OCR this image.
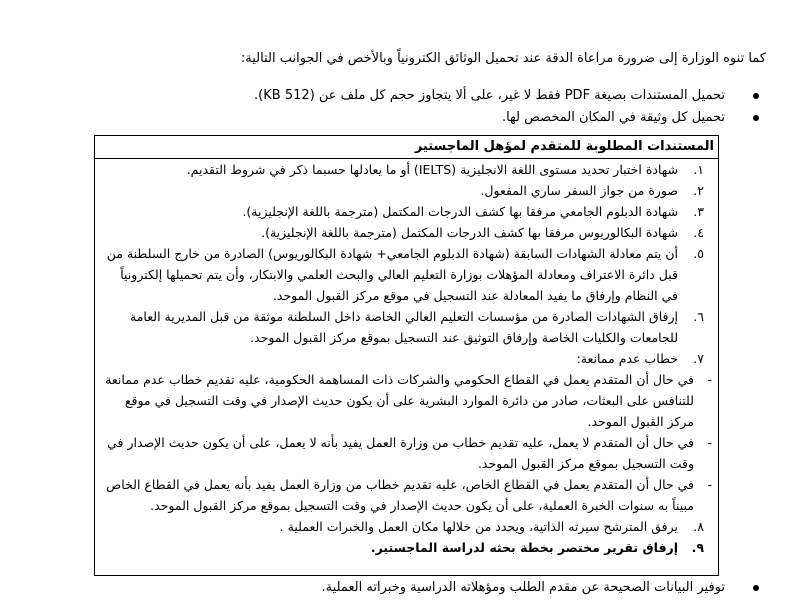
كما تنوه الوزارة إلى ضرورة مراعاة الدقة عند تحميل الوثائق الكترونياً وبالأخص في الجوانب التالية:
تحميل المستندات بصيغة PDF فقط لا غير، على ألا يتجاوز حجم كل ملف عن (512 KB).
تحميل كل وثيقة في المكان المخصص لها.
المستندات المطلوبة للمتقدم لمؤهل الماجستير
١.
شهادة اختبار تحديد مستوى اللغة الانجليزية (IELTS) أو ما يعادلها حسبما ذكر في شروط التقديم.
٢.
صورة من جواز السفر ساري المفعول.
٣.
شهادة الدبلوم الجامعي مرفقا بها كشف الدرجات المكتمل (مترجمة باللغة الإنجليزية).
٤.
شهادة البكالوريوس مرفقا بها كشف الدرجات المكتمل (مترجمة باللغة الإنجليزية).
٥.
أن يتم معادلة الشهادات السابقة (شهادة الدبلوم الجامعي+ شهادة البكالوريوس) الصادرة من خارج السلطنة من قبل دائرة الاعتراف ومعادلة المؤهلات بوزارة التعليم العالي والبحث العلمي والابتكار، وأن يتم تحميلها إلكترونياً في النظام وإرفاق ما يفيد المعادلة عند التسجيل في موقع مركز القبول الموحد.
٦.
إرفاق الشهادات الصادرة من مؤسسات التعليم العالي الخاصة داخل السلطنة موثقة من قبل المديرية العامة للجامعات والكليات الخاصة وإرفاق التوثيق عند التسجيل بموقع مركز القبول الموحد.
٧.
خطاب عدم ممانعة:
-
في حال أن المتقدم يعمل في القطاع الحكومي والشركات ذات المساهمة الحكومية، عليه تقديم خطاب عدم ممانعة للتنافس على البعثات، صادر من دائرة الموارد البشرية على أن يكون حديث الإصدار في وقت التسجيل في موقع مركز القبول الموحد.
-
في حال أن المتقدم لا يعمل، عليه تقديم خطاب من وزارة العمل يفيد بأنه لا يعمل، على أن يكون حديث الإصدار في وقت التسجيل بموقع مركز القبول الموحد.
-
في حال أن المتقدم يعمل في القطاع الخاص، عليه تقديم خطاب من وزارة العمل يفيد بأنه يعمل في القطاع الخاص مبيناً به سنوات الخبرة العملية، على أن يكون حديث الإصدار في وقت التسجيل بموقع مركز القبول الموحد.
٨.
يرفق المترشح سيرته الذاتية، ويحدد من خلالها مكان العمل والخبرات العملية .
٩.
إرفاق تقرير مختصر بخطة بحثه لدراسة الماجستير.
توفير البيانات الصحيحة عن مقدم الطلب ومؤهلاته الدراسية وخبراته العملية.
